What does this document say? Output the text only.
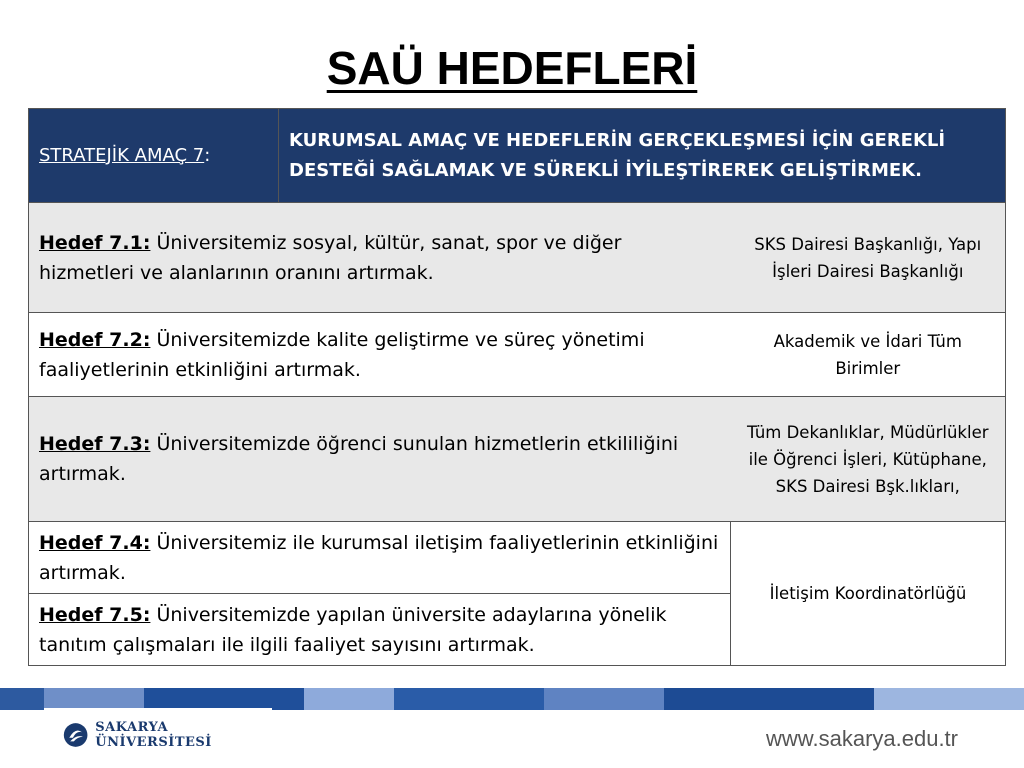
SAÜ HEDEFLERİ
STRATEJİK AMAÇ 7:	KURUMSAL AMAÇ VE HEDEFLERİN GERÇEKLEŞMESİ İÇİN GEREKLİ DESTEĞİ SAĞLAMAK VE SÜREKLİ İYİLEŞTİREREK GELİŞTİRMEK.	
Hedef 7.1: Üniversitemiz sosyal, kültür, sanat, spor ve diğer hizmetleri ve alanlarının oranını artırmak.		SKS Dairesi Başkanlığı, Yapı İşleri Dairesi Başkanlığı
Hedef 7.2: Üniversitemizde kalite geliştirme ve süreç yönetimi faaliyetlerinin etkinliğini artırmak.		Akademik ve İdari Tüm Birimler
Hedef 7.3: Üniversitemizde öğrenci sunulan hizmetlerin etkililiğini artırmak.		Tüm Dekanlıklar, Müdürlükler ile Öğrenci İşleri, Kütüphane, SKS Dairesi Bşk.lıkları,
Hedef 7.4: Üniversitemiz ile kurumsal iletişim faaliyetlerinin etkinliğini artırmak.		İletişim Koordinatörlüğü
Hedef 7.5: Üniversitemizde yapılan üniversite adaylarına yönelik tanıtım çalışmaları ile ilgili faaliyet sayısını artırmak.		
SAKARYA ÜNİVERSİTESİ	www.sakarya.edu.tr
